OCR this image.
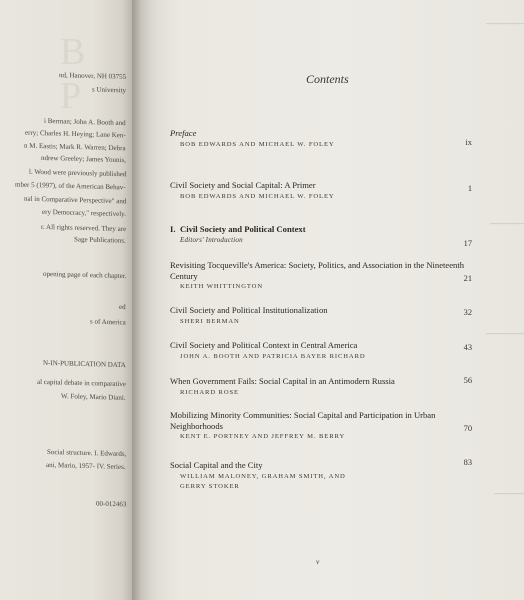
B P
nd, Hanover, NH 03755
s University
i Berman; John A. Booth and
erry; Charles H. Heying; Lane Ken-
n M. Eastis; Mark R. Warren; Debra
ndrew Greeley; James Younis,
l. Wood were previously published
mber 5 (1997), of the American Behav-
nal in Comparative Perspective" and
ery Democracy," respectively.
r. All rights reserved. They are
Sage Publications.
opening page of each chapter.
ed
s of America
N-IN-PUBLICATION DATA
al capital debate in comparative
W. Foley, Mario Diani.
Social structure. I. Edwards,
ani, Mario, 1957- IV. Series.
00-012463
━━━━━━━━━
━━━━━━━━
━━━━━━━━━
━━━━━━━
Contents
Preface
BOB EDWARDS AND MICHAEL W. FOLEY	ix
Civil Society and Social Capital: A Primer
BOB EDWARDS AND MICHAEL W. FOLEY
1
I. Civil Society and Political Context
Editors' Introduction	17
Revisiting Tocqueville's America: Society, Politics, and Association in the Nineteenth Century
KEITH WHITTINGTON
21
Civil Society and Political Institutionalization
SHERI BERMAN
32
Civil Society and Political Context in Central America
JOHN A. BOOTH AND PATRICIA BAYER RICHARD
43
When Government Fails: Social Capital in an Antimodern Russia
RICHARD ROSE
56
Mobilizing Minority Communities: Social Capital and Participation in Urban Neighborhoods
KENT E. PORTNEY AND JEFFREY M. BERRY
70
Social Capital and the City
WILLIAM MALONEY, GRAHAM SMITH, AND
GERRY STOKER
83
v
